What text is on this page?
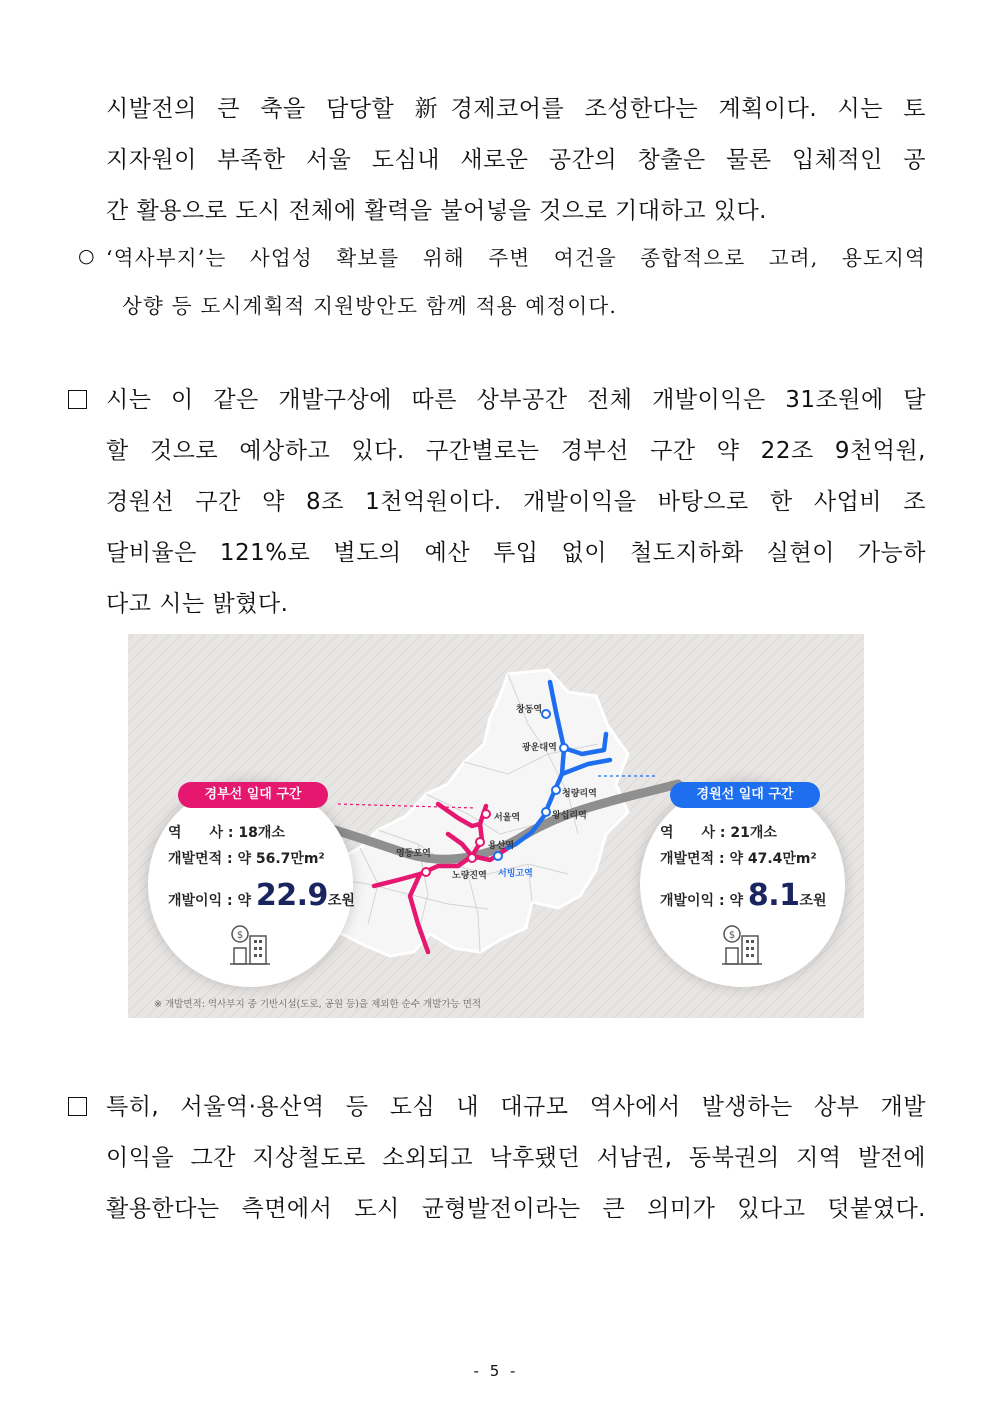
시발전의 큰 축을 담당할 新경제코어를 조성한다는 계획이다. 시는 토
지자원이 부족한 서울 도심내 새로운 공간의 창출은 물론 입체적인 공
간 활용으로 도시 전체에 활력을 불어넣을 것으로 기대하고 있다.
○ ‘역사부지’는 사업성 확보를 위해 주변 여건을 종합적으로 고려, 용도지역
상향 등 도시계획적 지원방안도 함께 적용 예정이다.
시는 이 같은 개발구상에 따른 상부공간 전체 개발이익은 31조원에 달
할 것으로 예상하고 있다. 구간별로는 경부선 구간 약 22조 9천억원,
경원선 구간 약 8조 1천억원이다. 개발이익을 바탕으로 한 사업비 조
달비율은 121%로 별도의 예산 투입 없이 철도지하화 실현이 가능하
다고 시는 밝혔다.
창동역
광운대역
청량리역
왕십리역
서울역
용산역
영등포역
노량진역 서빙고역
경부선 일대 구간
역　　사 : 18개소
개발면적 : 약 56.7만m²
개발이익 : 약 22.9조원
$
경원선 일대 구간
역　　사 : 21개소
개발면적 : 약 47.4만m²
개발이익 : 약 8.1조원
$
※ 개발면적: 역사부지 중 기반시설(도로, 공원 등)을 제외한 순수 개발가능 면적
특히, 서울역·용산역 등 도심 내 대규모 역사에서 발생하는 상부 개발
이익을 그간 지상철도로 소외되고 낙후됐던 서남권, 동북권의 지역 발전에
활용한다는 측면에서 도시 균형발전이라는 큰 의미가 있다고 덧붙였다.
- 5 -
